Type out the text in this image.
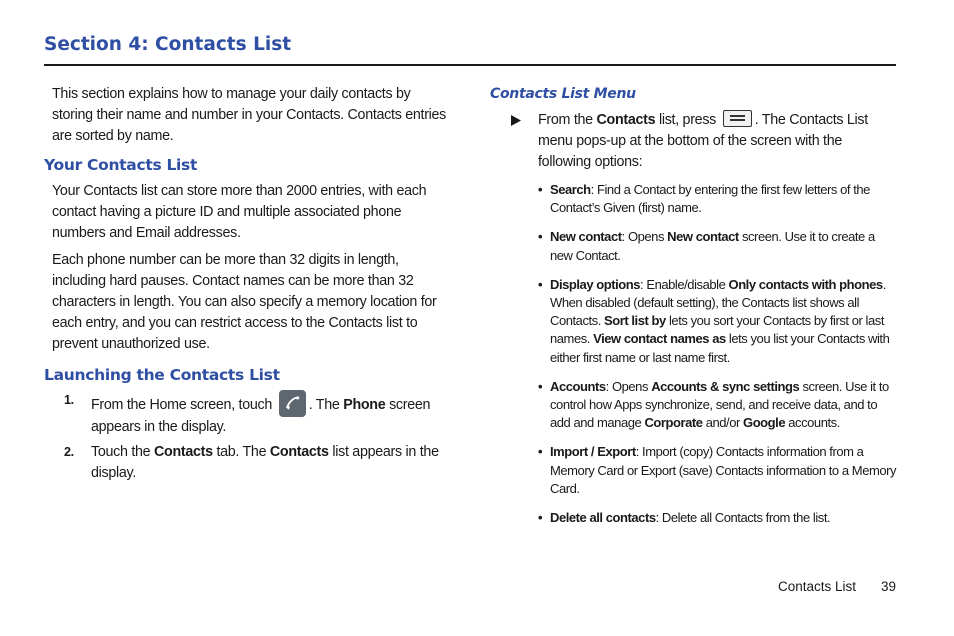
Section 4: Contacts List

This section explains how to manage your daily contacts by storing their name and number in your Contacts. Contacts entries are sorted by name.

Your Contacts List

Your Contacts list can store more than 2000 entries, with each contact having a picture ID and multiple associated phone numbers and Email addresses.

Each phone number can be more than 32 digits in length, including hard pauses. Contact names can be more than 32 characters in length. You can also specify a memory location for each entry, and you can restrict access to the Contacts list to prevent unauthorized use.

Launching the Contacts List
1. From the Home screen, touch	. The Phone screen appears in the display.
2. Touch the Contacts tab. The Contacts list appears in the display.
Contacts List Menu
From the Contacts list, press	. The Contacts List menu pops-up at the bottom of the screen with the following options:
• Search: Find a Contact by entering the first few letters of the Contact’s Given (first) name.
• New contact: Opens New contact screen. Use it to create a new Contact.
• Display options: Enable/disable Only contacts with phones. When disabled (default setting), the Contacts list shows all Contacts. Sort list by lets you sort your Contacts by first or last names. View contact names as lets you list your Contacts with either first name or last name first.
• Accounts: Opens Accounts & sync settings screen. Use it to control how Apps synchronize, send, and receive data, and to add and manage Corporate and/or Google accounts.
• Import / Export: Import (copy) Contacts information from a Memory Card or Export (save) Contacts information to a Memory Card.
• Delete all contacts: Delete all Contacts from the list.
Contacts List 39
